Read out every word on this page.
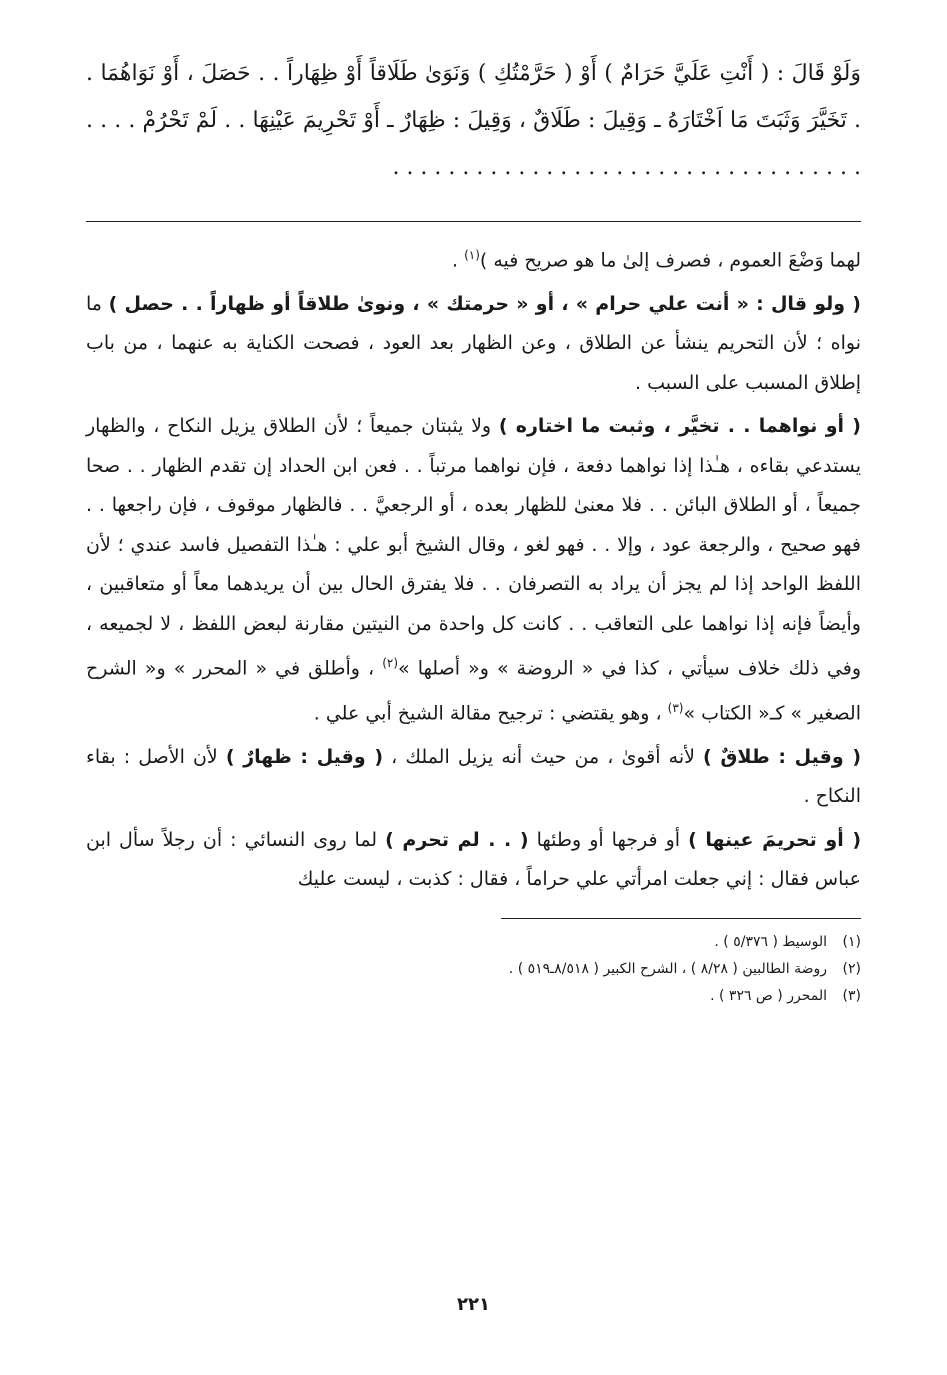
وَلَوْ قَالَ : ( أَنْتِ عَلَيَّ حَرَامٌ ) أَوْ ( حَرَّمْتُكِ ) وَنَوَىٰ طَلَاقاً أَوْ ظِهَاراً . . حَصَلَ ، أَوْ نَوَاهُمَا . . تَخَيَّرَ وَثَبَتَ مَا اَخْتَارَهُ ـ وَقِيلَ : طَلَاقٌ ، وَقِيلَ : ظِهَارٌ ـ أَوْ تَحْرِيمَ عَيْنِهَا . . لَمْ تَحْرُمْ . . . . . . . . . . . . . . . . . . . . . . . . . . . . . . . . . . . . . .

لهما وَضْعَ العموم ، فصرف إلىٰ ما هو صريح فيه )$^{(١)}$ .

( ولو قال : « أنت علي حرام » ، أو « حرمتك » ، ونوىٰ طلاقاً أو ظهاراً . . حصل ) ما نواه ؛ لأن التحريم ينشأ عن الطلاق ، وعن الظهار بعد العود ، فصحت الكناية به عنهما ، من باب إطلاق المسبب على السبب .

( أو نواهما . . تخيَّر ، وثبت ما اختاره ) ولا يثبتان جميعاً ؛ لأن الطلاق يزيل النكاح ، والظهار يستدعي بقاءه ، هـٰذا إذا نواهما دفعة ، فإن نواهما مرتباً . . فعن ابن الحداد إن تقدم الظهار . . صحا جميعاً ، أو الطلاق البائن . . فلا معنىٰ للظهار بعده ، أو الرجعيَّ . . فالظهار موقوف ، فإن راجعها . . فهو صحيح ، والرجعة عود ، وإلا . . فهو لغو ، وقال الشيخ أبو علي : هـٰذا التفصيل فاسد عندي ؛ لأن اللفظ الواحد إذا لم يجز أن يراد به التصرفان . . فلا يفترق الحال بين أن يريدهما معاً أو متعاقبين ، وأيضاً فإنه إذا نواهما على التعاقب . . كانت كل واحدة من النيتين مقارنة لبعض اللفظ ، لا لجميعه ، وفي ذلك خلاف سيأتي ، كذا في « الروضة » و« أصلها »$^{(٢)}$ ، وأطلق في « المحرر » و« الشرح الصغير » كـ« الكتاب »$^{(٣)}$ ، وهو يقتضي : ترجيح مقالة الشيخ أبي علي .

( وقيل : طلاقٌ ) لأنه أقوىٰ ، من حيث أنه يزيل الملك ، ( وقيل : ظهارٌ ) لأن الأصل : بقاء النكاح .

( أو تحريمَ عينها ) أو فرجها أو وطئها ( . . لم تحرم ) لما روى النسائي : أن رجلاً سأل ابن عباس فقال : إني جعلت امرأتي علي حراماً ، فقال : كذبت ، ليست عليك

(١)الوسيط ( ٥/٣٧٦ ) .

(٢)روضة الطالبين ( ٨/٢٨ ) ، الشرح الكبير ( ٨/٥١٨ـ٥١٩ ) .

(٣)المحرر ( ص ٣٢٦ ) .

٢٢١
